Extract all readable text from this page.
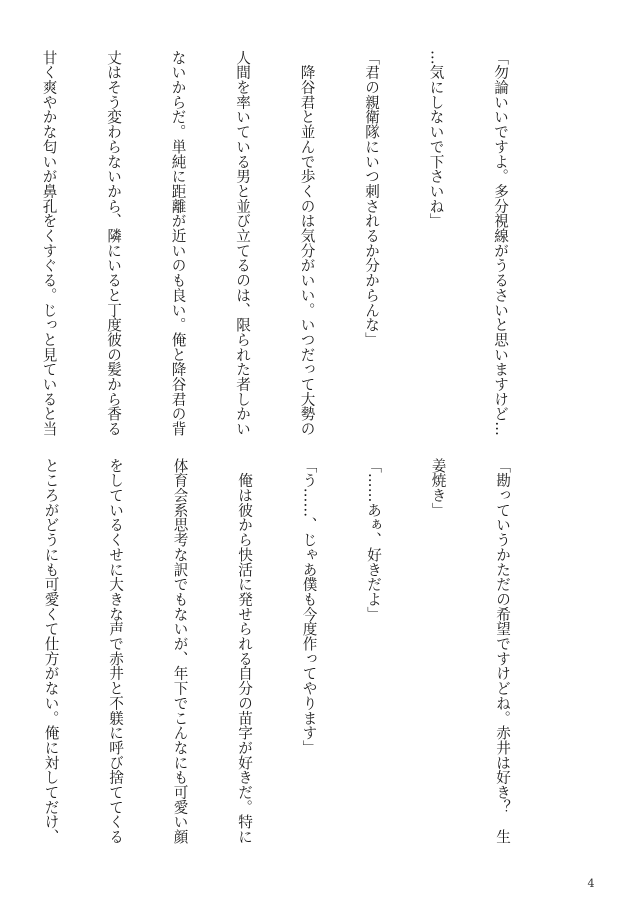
「勿論いいですよ。多分視線がうるさいと思いますけど…

…気にしないで下さいね」

「君の親衛隊にいつ刺されるか分からんな」

　降谷君と並んで歩くのは気分がいい。いつだって大勢の

人間を率いている男と並び立てるのは、限られた者しかい

ないからだ。単純に距離が近いのも良い。俺と降谷君の背

丈はそう変わらないから、隣にいると丁度彼の髪から香る

甘く爽やかな匂いが鼻孔をくすぐる。じっと見ていると当

「勘っていうかただの希望ですけどね。赤井は好き？　生

姜焼き」

「……あぁ、好きだよ」

「う……、じゃあ僕も今度作ってやります」

　俺は彼から快活に発せられる自分の苗字が好きだ。特に

体育会系思考な訳でもないが、年下でこんなにも可愛い顔

をしているくせに大きな声で赤井と不躾に呼び捨ててくる

ところがどうにも可愛くて仕方がない。俺に対してだけ、

4
